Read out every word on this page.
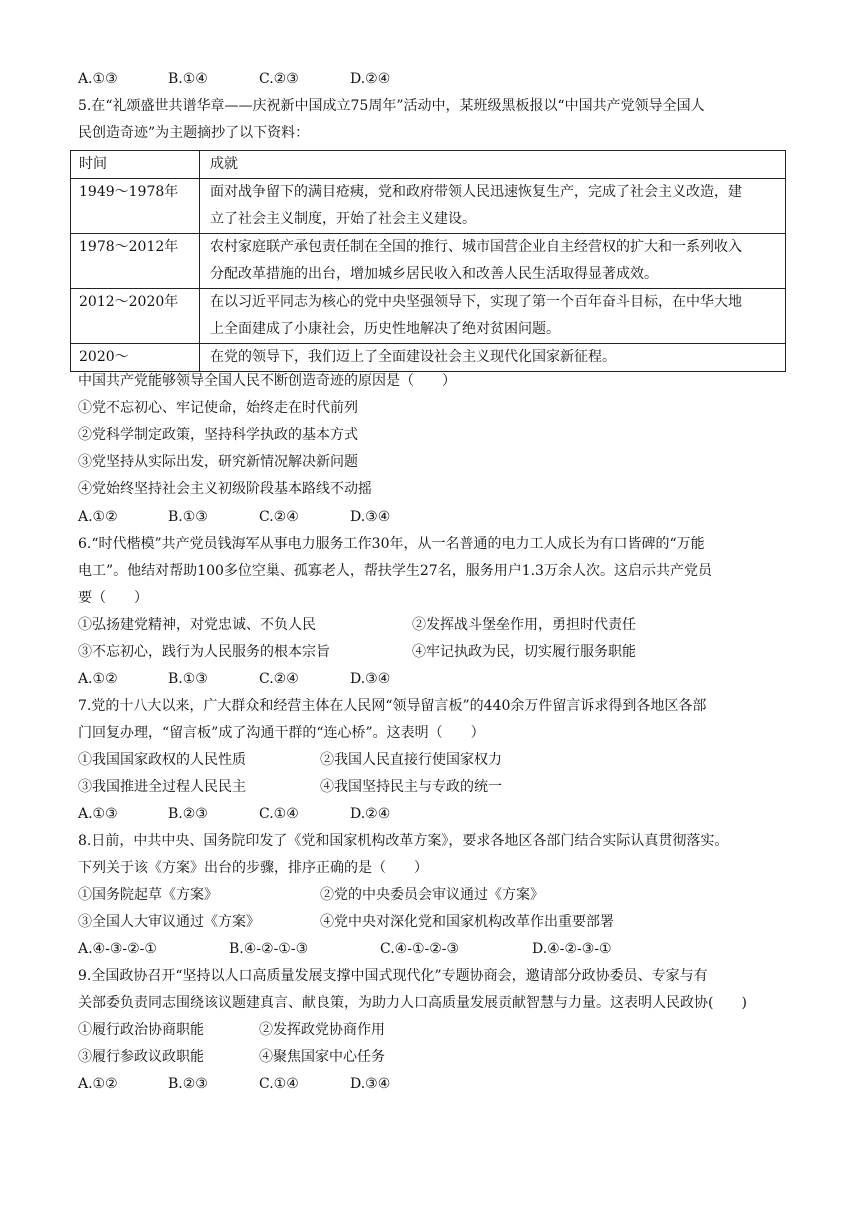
A.①③	B.①④	C.②③	D.②④
5.在“礼颂盛世共谱华章——庆祝新中国成立75周年”活动中，某班级黑板报以“中国共产党领导全国人
民创造奇迹”为主题摘抄了以下资料：
时间	成就
1949～1978年	面对战争留下的满目疮痍，党和政府带领人民迅速恢复生产，完成了社会主义改造，建
立了社会主义制度，开始了社会主义建设。

1978～2012年	农村家庭联产承包责任制在全国的推行、城市国营企业自主经营权的扩大和一系列收入
分配改革措施的出台，增加城乡居民收入和改善人民生活取得显著成效。

2012～2020年	在以习近平同志为核心的党中央坚强领导下，实现了第一个百年奋斗目标，在中华大地
上全面建成了小康社会，历史性地解决了绝对贫困问题。

2020～	在党的领导下，我们迈上了全面建设社会主义现代化国家新征程。
中国共产党能够领导全国人民不断创造奇迹的原因是（　　）
①党不忘初心、牢记使命，始终走在时代前列
②党科学制定政策，坚持科学执政的基本方式
③党坚持从实际出发，研究新情况解决新问题
④党始终坚持社会主义初级阶段基本路线不动摇
A.①②	B.①③	C.②④	D.③④
6.“时代楷模”共产党员钱海军从事电力服务工作30年，从一名普通的电力工人成长为有口皆碑的“万能
电工”。他结对帮助100多位空巢、孤寡老人，帮扶学生27名，服务用户1.3万余人次。这启示共产党员
要（　　）
①弘扬建党精神，对党忠诚、不负人民	②发挥战斗堡垒作用，勇担时代责任
③不忘初心，践行为人民服务的根本宗旨	④牢记执政为民，切实履行服务职能
A.①②	B.①③	C.②④	D.③④
7.党的十八大以来，广大群众和经营主体在人民网“领导留言板”的440余万件留言诉求得到各地区各部
门回复办理，“留言板”成了沟通干群的“连心桥”。这表明（　　）
①我国国家政权的人民性质	②我国人民直接行使国家权力
③我国推进全过程人民民主	④我国坚持民主与专政的统一
A.①③	B.②③	C.①④	D.②④
8.日前，中共中央、国务院印发了《党和国家机构改革方案》，要求各地区各部门结合实际认真贯彻落实。
下列关于该《方案》出台的步骤，排序正确的是（　　）
①国务院起草《方案》	②党的中央委员会审议通过《方案》
③全国人大审议通过《方案》	④党中央对深化党和国家机构改革作出重要部署
A.④-③-②-①	B.④-②-①-③	C.④-①-②-③	D.④-②-③-①
9.全国政协召开“坚持以人口高质量发展支撑中国式现代化”专题协商会，邀请部分政协委员、专家与有
关部委负责同志围绕该议题建真言、献良策，为助力人口高质量发展贡献智慧与力量。这表明人民政协(　　)
①履行政治协商职能	②发挥政党协商作用
③履行参政议政职能	④聚焦国家中心任务
A.①②	B.②③	C.①④	D.③④
